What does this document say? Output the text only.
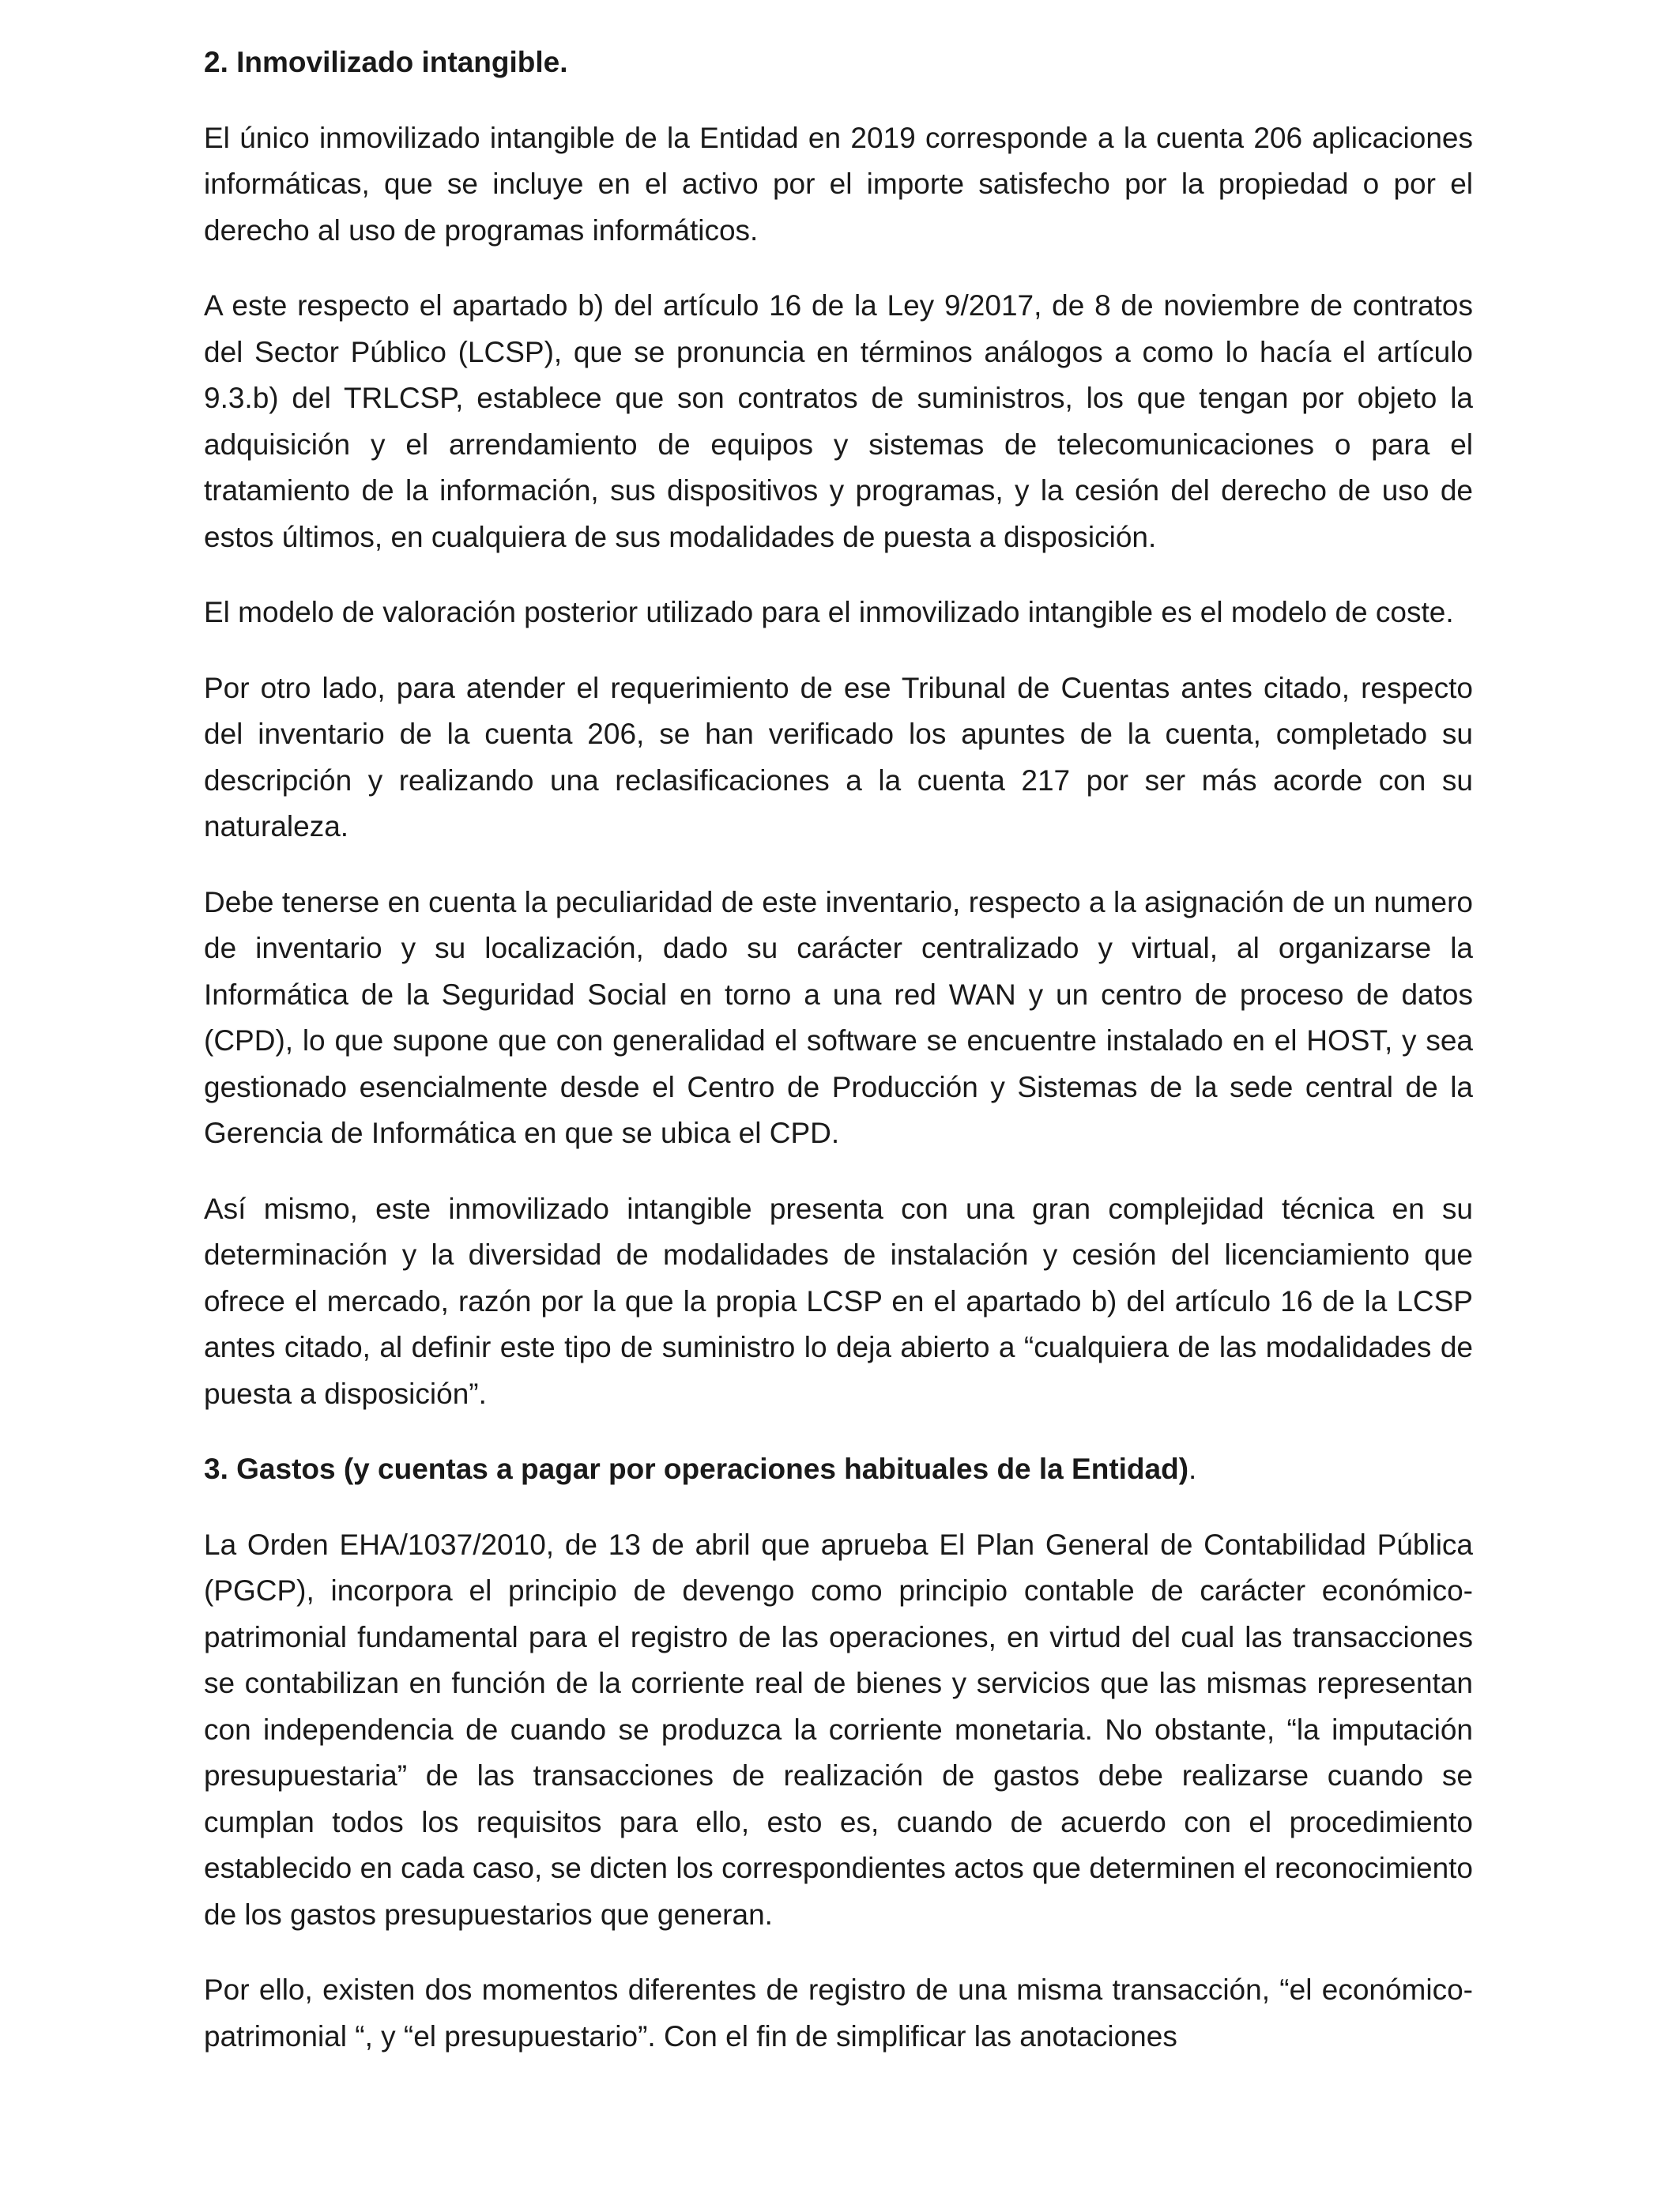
2. Inmovilizado intangible.

El único inmovilizado intangible de la Entidad en 2019 corresponde a la cuenta 206 aplicaciones informáticas, que se incluye en el activo por el importe satisfecho por la propiedad o por el derecho al uso de programas informáticos.

A este respecto el apartado b) del artículo 16 de la Ley 9/2017, de 8 de noviembre de contratos del Sector Público (LCSP), que se pronuncia en términos análogos a como lo hacía el artículo 9.3.b) del TRLCSP, establece que son contratos de suministros, los que tengan por objeto la adquisición y el arrendamiento de equipos y sistemas de telecomunicaciones o para el tratamiento de la información, sus dispositivos y programas, y la cesión del derecho de uso de estos últimos, en cualquiera de sus modalidades de puesta a disposición.

El modelo de valoración posterior utilizado para el inmovilizado intangible es el modelo de coste.

Por otro lado, para atender el requerimiento de ese Tribunal de Cuentas antes citado, respecto del inventario de la cuenta 206, se han verificado los apuntes de la cuenta, completado su descripción y realizando una reclasificaciones a la cuenta 217 por ser más acorde con su naturaleza.

Debe tenerse en cuenta la peculiaridad de este inventario, respecto a la asignación de un numero de inventario y su localización, dado su carácter centralizado y virtual, al organizarse la Informática de la Seguridad Social en torno a una red WAN y un centro de proceso de datos (CPD), lo que supone que con generalidad el software se encuentre instalado en el HOST, y sea gestionado esencialmente desde el Centro de Producción y Sistemas de la sede central de la Gerencia de Informática en que se ubica el CPD.

Así mismo, este inmovilizado intangible presenta con una gran complejidad técnica en su determinación y la diversidad de modalidades de instalación y cesión del licenciamiento que ofrece el mercado, razón por la que la propia LCSP en el apartado b) del artículo 16 de la LCSP antes citado, al definir este tipo de suministro lo deja abierto a “cualquiera de las modalidades de puesta a disposición”.

3. Gastos (y cuentas a pagar por operaciones habituales de la Entidad).

La Orden EHA/1037/2010, de 13 de abril que aprueba El Plan General de Contabilidad Pública (PGCP), incorpora el principio de devengo como principio contable de carácter económico-patrimonial fundamental para el registro de las operaciones, en virtud del cual las transacciones se contabilizan en función de la corriente real de bienes y servicios que las mismas representan con independencia de cuando se produzca la corriente monetaria. No obstante, “la imputación presupuestaria” de las transacciones de realización de gastos debe realizarse cuando se cumplan todos los requisitos para ello, esto es, cuando de acuerdo con el procedimiento establecido en cada caso, se dicten los correspondientes actos que determinen el reconocimiento de los gastos presupuestarios que generan.

Por ello, existen dos momentos diferentes de registro de una misma transacción, “el económico-patrimonial “, y “el presupuestario”. Con el fin de simplificar las anotaciones
